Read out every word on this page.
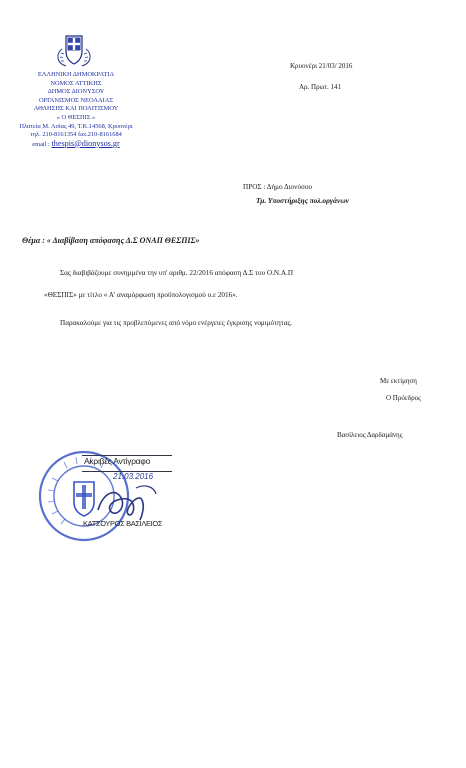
ΕΛΛΗΝΙΚΗ ΔΗΜΟΚΡΑΤΙΑ
ΝΟΜΟΣ ΑΤΤΙΚΗΣ
ΔΗΜΟΣ ΔΙΟΝΥΣΟΥ
ΟΡΓΑΝΙΣΜΟΣ ΝΕΟΛΑΙΑΣ
ΑΘΛΗΣΗΣ ΚΑΙ ΠΟΛΙΤΙΣΜΟΥ
« Ο ΘΕΣΠΙΣ »
Πλατεία Μ. Ασίας 49, Τ.Κ.14568, Κρυονέρι
τηλ. 210-8161354 fax.210-8161684
email : thespis@dionysos.gr
Κρυονέρι 21/03/ 2016
Αρ. Πρωτ. 141
ΠΡΟΣ : Δήμο Διονύσου
Τμ. Υποστήριξης πολ.οργάνων
Θέμα : « Διαβίβαση απόφασης Δ.Σ ΟΝΑΠ ΘΕΣΠΙΣ»
Σας διαβιβάζουμε συνημμένα την υπ' αριθμ. 22/2016 απόφαση Δ.Σ του Ο.Ν.Α.Π
«ΘΕΣΠΙΣ» με τίτλο « Α' αναμόρφωση προϋπολογισμού ο.ε 2016».
Παρακαλούμε για τις προβλεπόμενες από νόμο ενέργειες έγκρισης νομιμότητας.
Με εκτίμηση
Ο Πρόεδρος
Βασίλειος Δαρδαμάνης
Ακριβές Αντίγραφο
21.03.2016
ΚΑΤΣΟΥΡΟΣ ΒΑΣΙΛΕΙΟΣ
